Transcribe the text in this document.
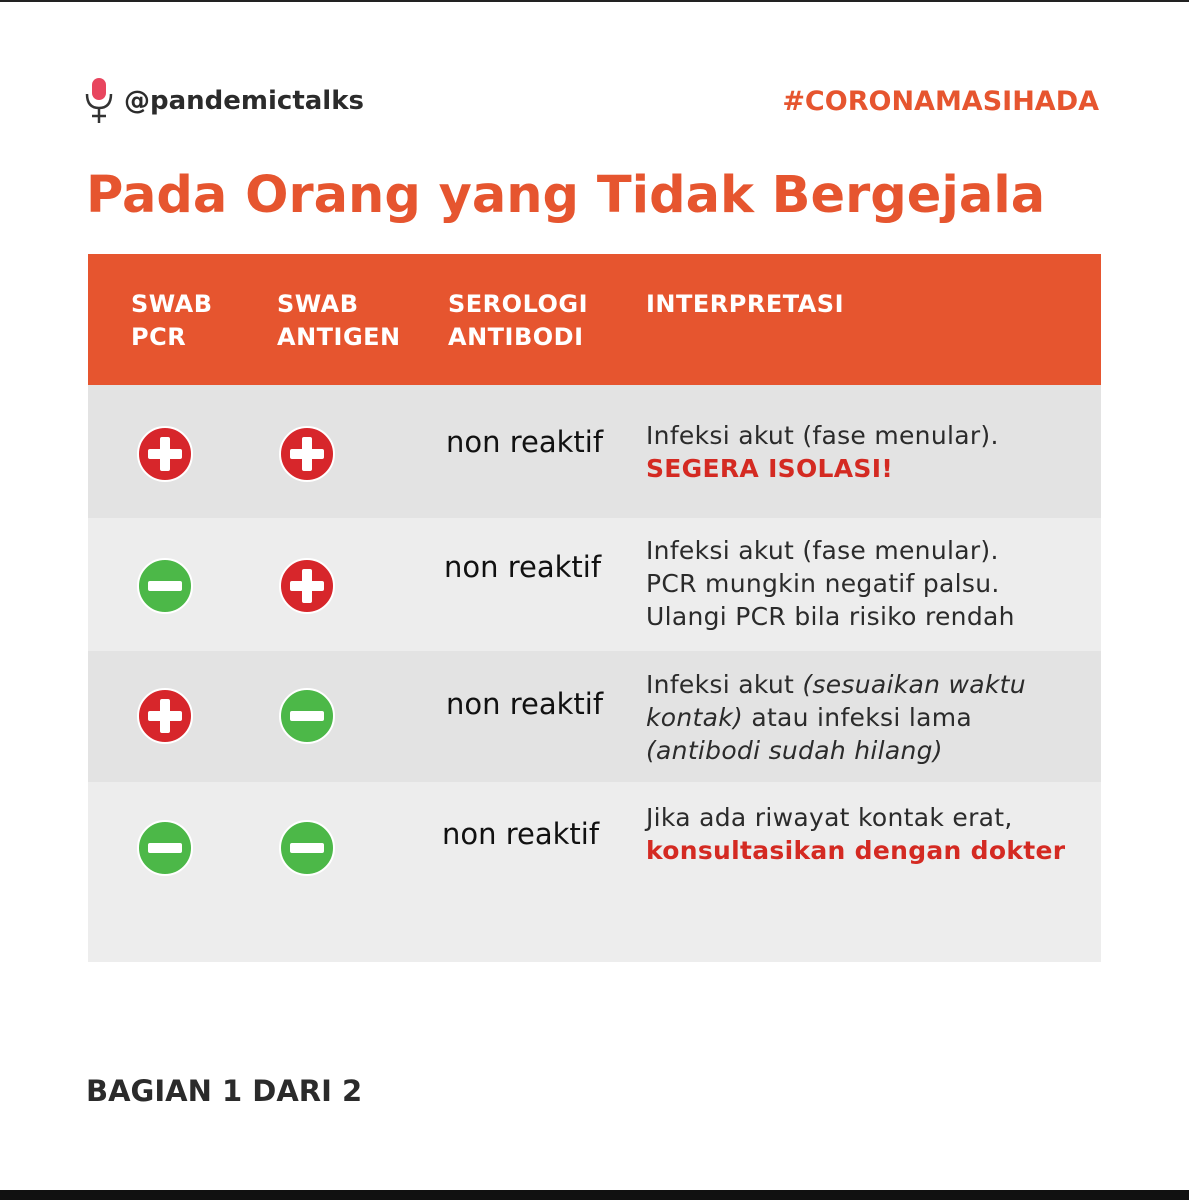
@pandemictalks	#CORONAMASIHADA
Pada Orang yang Tidak Bergejala
SWAB
PCR
SWAB
ANTIGEN
SEROLOGI
ANTIBODI
INTERPRETASI
non reaktif Infeksi akut (fase menular).
SEGERA ISOLASI!
non reaktif Infeksi akut (fase menular).
PCR mungkin negatif palsu.
Ulangi PCR bila risiko rendah
non reaktif
Infeksi akut (sesuaikan waktu
kontak) atau infeksi lama
(antibodi sudah hilang)
non reaktif Jika ada riwayat kontak erat,
konsultasikan dengan dokter
BAGIAN 1 DARI 2
